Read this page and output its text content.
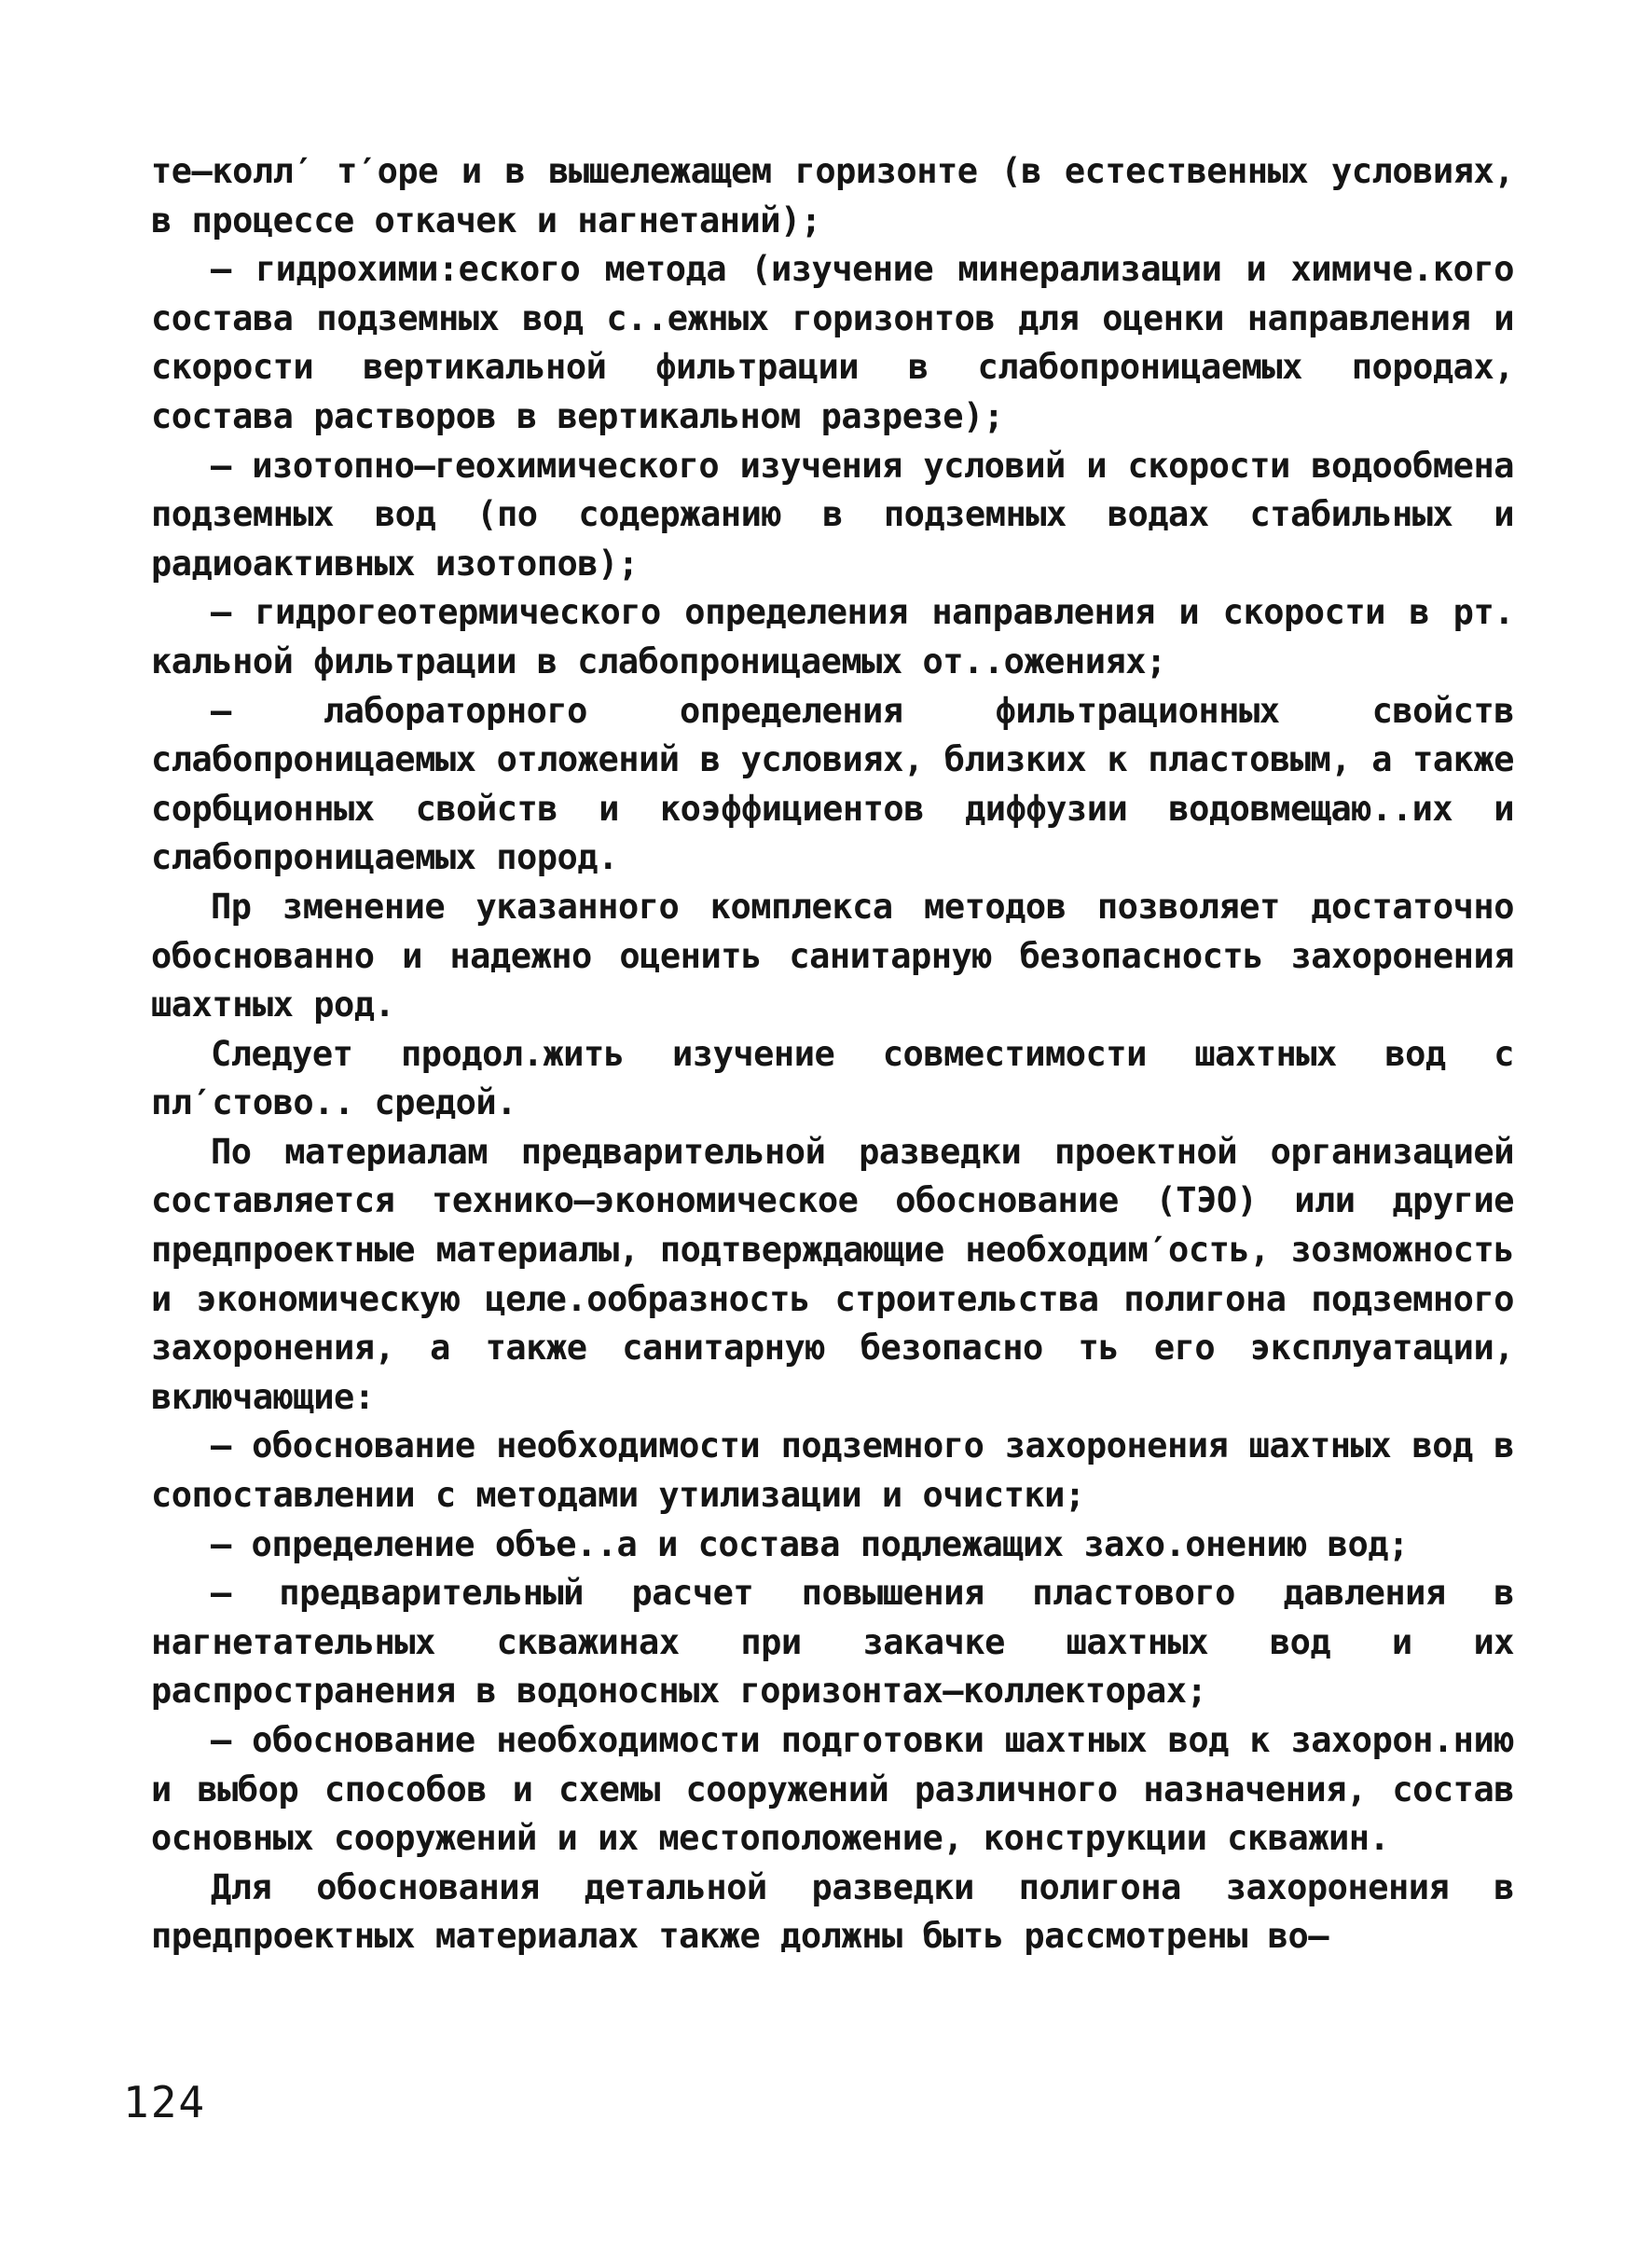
те–колл′ т′оре и в вышележащем горизонте (в естественных условиях, в процессе откачек и нагнетаний);

– гидрохими:еского метода (изучение минерализации и химиче.кого состава подземных вод с..ежных горизонтов для оценки направления и скорости вертикальной фильтрации в слабопроницаемых породах, состава растворов в вертикальном разрезе);

– изотопно–геохимического изучения условий и скорости водообмена подземных вод (по содержанию в подземных водах стабильных и радиоактивных изотопов);

– гидрогеотермического определения направления и скорости в рт. кальной фильтрации в слабопроницаемых от..ожениях;

– лабораторного определения фильтрационных свойств слабопроницаемых отложений в условиях, близких к пластовым, а также сорбционных свойств и коэффициентов диффузии водовмещаю..их и слабопроницаемых пород.

Пр змeнение указанного комплекса методов позволяет достаточно обоснованно и надежно оценить санитарную безопасность захоронения шахтных род.

Следует продол.жить изучение совместимости шахтных вод с пл′стово.. средой.

По материалам предварительной разведки проектной организацией составляется технико–экономическое обоснование (ТЭО) или другие предпроектные материалы, подтверждающие необходим′ость, зозможность и экономическую целе.ообразность строительства полигона подземного захоронения, а также санитарную безопасно ть его эксплуатации, включающие:

– обоснование необходимости подземного захоронения шахтных вод в сопоставлении с методами утилизации и очистки;

– определение объе..а и состава подлежащих захо.онению вод;

– предварительный расчет повышения пластового давления в нагнетательных скважинах при закачке шахтных вод и их распространения в водоносных горизонтах–коллекторах;

– обоснование необходимости подготовки шахтных вод к захорон.нию и выбор способов и схемы сооружений различного назначения, состав основных сооружений и их местоположение, конструкции скважин.

Для обоснования детальной разведки полигона захоронения в предпроектных материалах также должны быть рассмотрены во–

124
